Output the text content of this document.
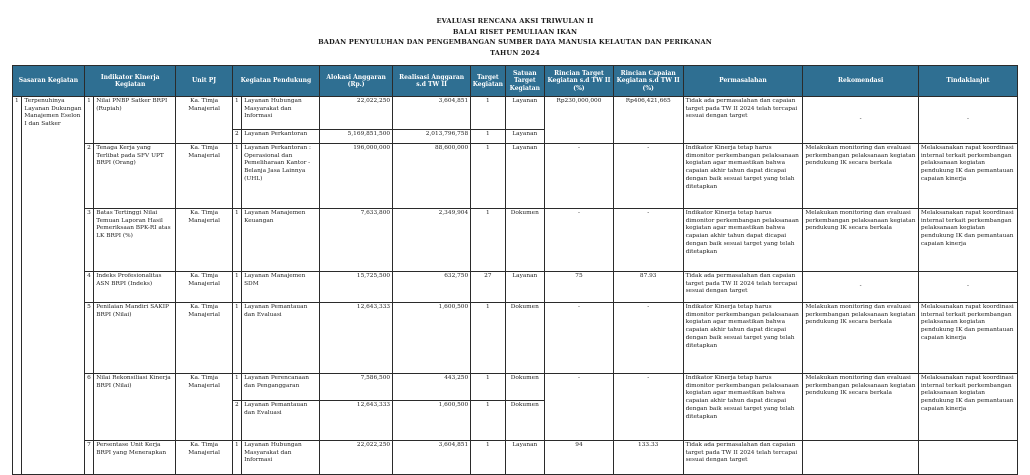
EVALUASI RENCANA AKSI TRIWULAN II
BALAI RISET PEMULIAAN IKAN
BADAN PENYULUHAN DAN PENGEMBANGAN SUMBER DAYA MANUSIA KELAUTAN DAN PERIKANAN
TAHUN 2024
Sasaran Kegiatan		Indikator Kinerja Kegiatan		Unit PJ	Kegiatan Pendukung		Alokasi Anggaran (Rp.)	Realisasi Anggaran s.d TW II	Target Kegiatan	Satuan Target Kegiatan	Rincian Target Kegiatan s.d TW II (%)	Rincian Capaian Kegiatan s.d TW II (%)	Permasalahan	Rekomendasi	Tindaklanjut
1	Terpenuhinya Layanan Dukungan Manajemen Eselon I dan Satker	1	Nilai PNBP Satker BRPI (Rupiah)	Ka. Timja Manajerial	1	Layanan Hubungan Masyarakat dan Informasi	22,022,250	3,604,851	1	Layanan	Rp230,000,000	Rp406,421,665	Tidak ada permasalahan dan capaian target pada TW II 2024 telah tercapai sesuai dengan target	-	-
					2	Layanan Perkantoran	5,169,851,500	2,013,796,758	1	Layanan					
		2	Tenaga Kerja yang Terlibat pada SFV UPT BRPI (Orang)	Ka. Timja Manajerial	1	Layanan Perkantoran : Operasional dan Pemeliharaan Kantor - Belanja Jasa Lainnya (UHL)	196,000,000	88,600,000	1	Layanan	-	-	Indikator Kinerja tetap harus dimonitor perkembangan pelaksanaan kegiatan agar memastikan bahwa capaian akhir tahun dapat dicapai dengan baik sesuai target yang telah ditetapkan	Melakukan monitoring dan evaluasi perkembangan pelaksanaan kegiatan pendukung IK secara berkala	Melaksanakan rapat koordinasi internal terkait perkembangan pelaksanaan kegiatan pendukung IK dan pemantauan capaian kinerja
		3	Batas Tertinggi Nilai Temuan Laporan Hasil Pemeriksaan BPK-RI atas LK BRPI (%)	Ka. Timja Manajerial	1	Layanan Manajemen Keuangan	7,633,800	2,349,904	1	Dokumen	-	-	Indikator Kinerja tetap harus dimonitor perkembangan pelaksanaan kegiatan agar memastikan bahwa capaian akhir tahun dapat dicapai dengan baik sesuai target yang telah ditetapkan	Melakukan monitoring dan evaluasi perkembangan pelaksanaan kegiatan pendukung IK secara berkala	Melaksanakan rapat koordinasi internal terkait perkembangan pelaksanaan kegiatan pendukung IK dan pemantauan capaian kinerja
		4	Indeks Profesionalitas ASN BRPI (Indeks)	Ka. Timja Manajerial	1	Layanan Manajemen SDM	15,725,500	632,750	27	Layanan	75	87.93	Tidak ada permasalahan dan capaian target pada TW II 2024 telah tercapai sesuai dengan target	-	-
		5	Penilaian Mandiri SAKIP BRPI (Nilai)	Ka. Timja Manajerial	1	Layanan Pemantauan dan Evaluasi	12,643,333	1,600,500	1	Dokumen	-	-	Indikator Kinerja tetap harus dimonitor perkembangan pelaksanaan kegiatan agar memastikan bahwa capaian akhir tahun dapat dicapai dengan baik sesuai target yang telah ditetapkan	Melakukan monitoring dan evaluasi perkembangan pelaksanaan kegiatan pendukung IK secara berkala	Melaksanakan rapat koordinasi internal terkait perkembangan pelaksanaan kegiatan pendukung IK dan pemantauan capaian kinerja
		6	Nilai Rekonsiliasi Kinerja BRPI (Nilai)	Ka. Timja Manajerial	1	Layanan Perencanaan dan Penganggaran	7,586,500	443,250	1	Dokumen	-	-	Indikator Kinerja tetap harus dimonitor perkembangan pelaksanaan kegiatan agar memastikan bahwa capaian akhir tahun dapat dicapai dengan baik sesuai target yang telah ditetapkan	Melakukan monitoring dan evaluasi perkembangan pelaksanaan kegiatan pendukung IK secara berkala	Melaksanakan rapat koordinasi internal terkait perkembangan pelaksanaan kegiatan pendukung IK dan pemantauan capaian kinerja
					2	Layanan Pemantauan dan Evaluasi	12,643,333	1,600,500	1	Dokumen					

		7	Persentase Unit Kerja BRPI yang Menerapkan	Ka. Timja Manajerial	1	Layanan Hubungan Masyarakat dan Informasi	22,022,250	3,604,851	1	Layanan	94	133.33	Tidak ada permasalahan dan capaian target pada TW II 2024 telah tercapai sesuai dengan target		
